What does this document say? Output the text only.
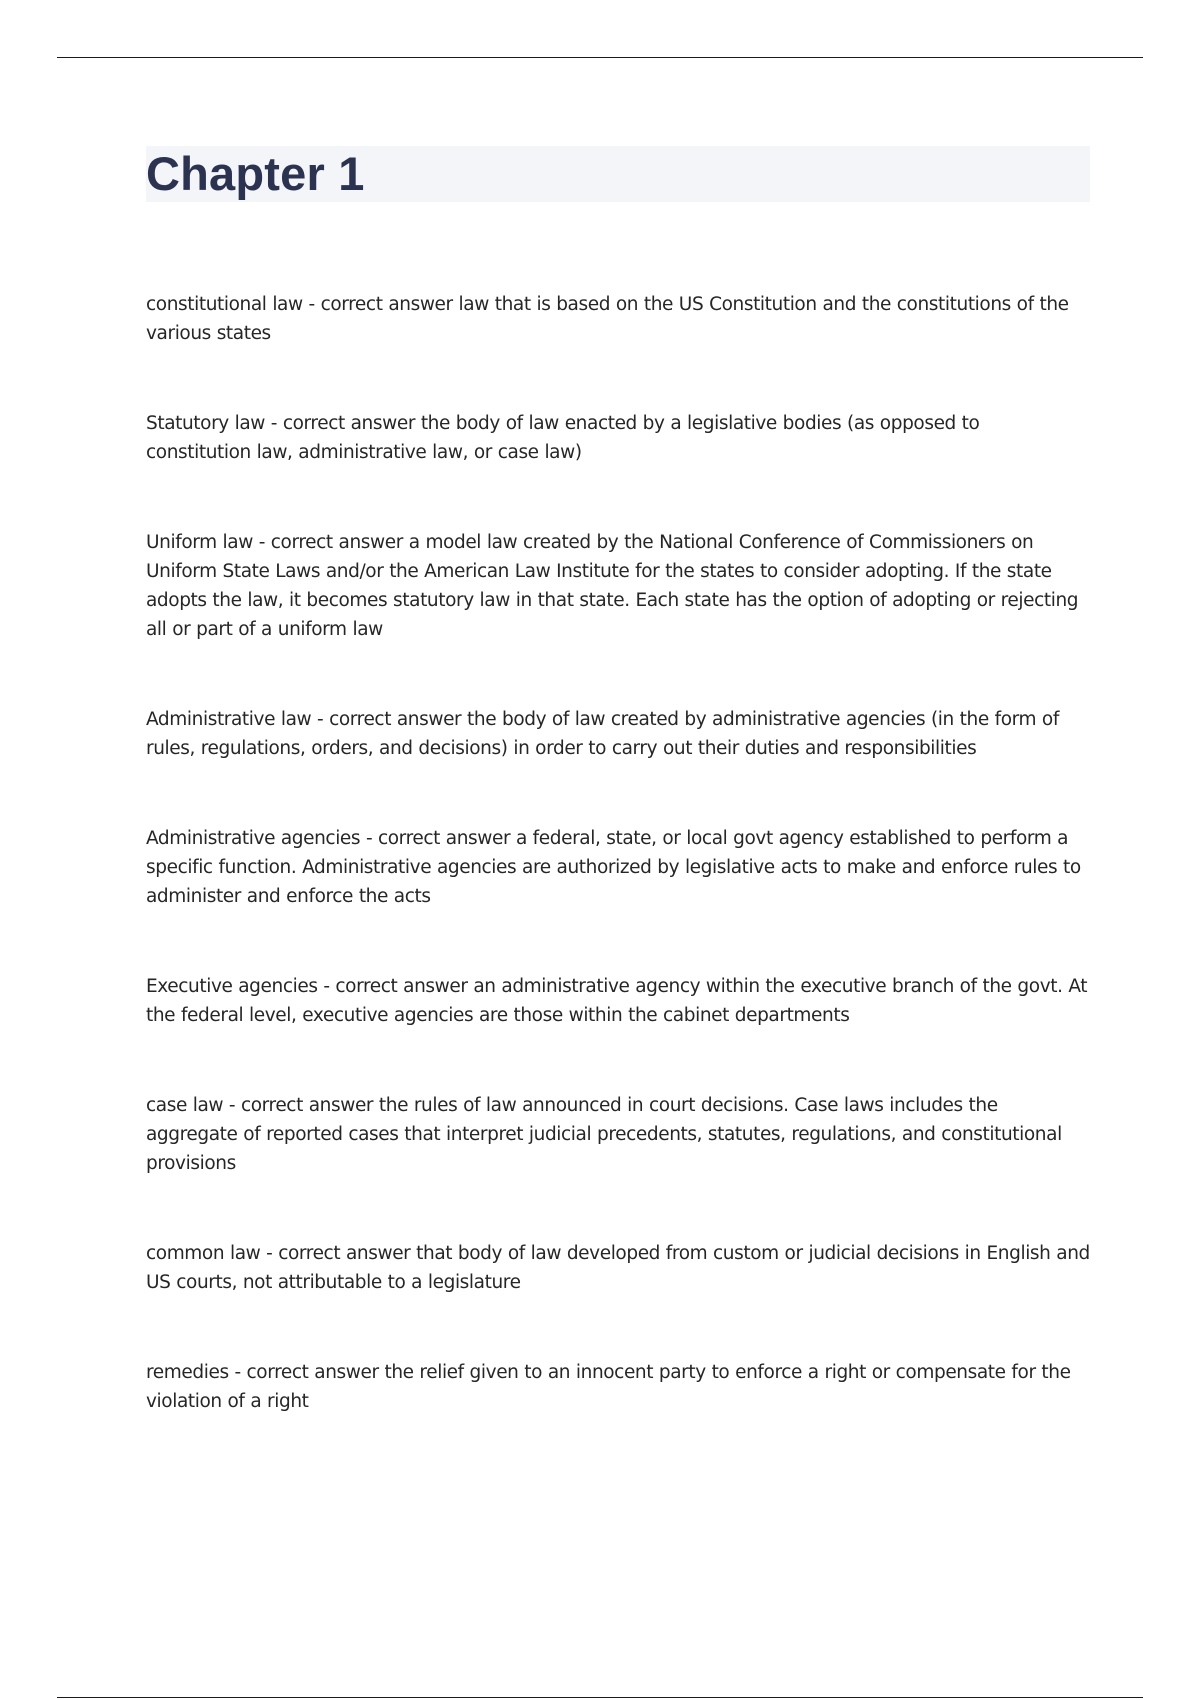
Chapter 1
constitutional law - correct answer law that is based on the US Constitution and the constitutions of the various states
Statutory law - correct answer the body of law enacted by a legislative bodies (as opposed to constitution law, administrative law, or case law)
Uniform law - correct answer a model law created by the National Conference of Commissioners on Uniform State Laws and/or the American Law Institute for the states to consider adopting. If the state adopts the law, it becomes statutory law in that state. Each state has the option of adopting or rejecting all or part of a uniform law
Administrative law - correct answer the body of law created by administrative agencies (in the form of rules, regulations, orders, and decisions) in order to carry out their duties and responsibilities
Administrative agencies - correct answer a federal, state, or local govt agency established to perform a specific function. Administrative agencies are authorized by legislative acts to make and enforce rules to administer and enforce the acts
Executive agencies - correct answer an administrative agency within the executive branch of the govt. At the federal level, executive agencies are those within the cabinet departments
case law - correct answer the rules of law announced in court decisions. Case laws includes the aggregate of reported cases that interpret judicial precedents, statutes, regulations, and constitutional provisions
common law - correct answer that body of law developed from custom or judicial decisions in English and US courts, not attributable to a legislature
remedies - correct answer the relief given to an innocent party to enforce a right or compensate for the violation of a right
